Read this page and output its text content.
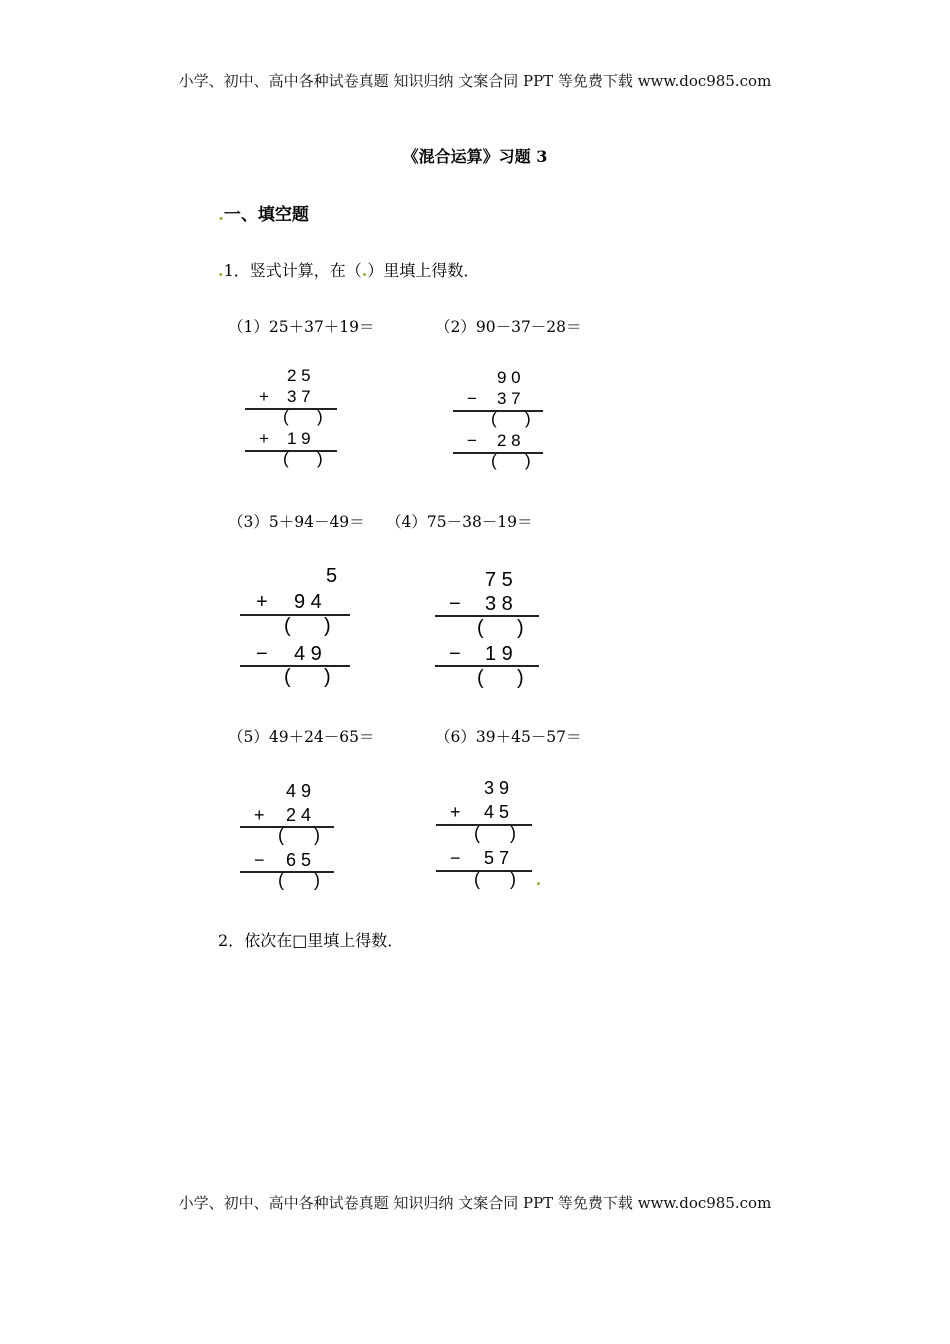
小学、初中、高中各种试卷真题 知识归纳 文案合同 PPT 等免费下载 www.doc985.com
《混合运算》习题 3
.一、填空题
.1．竖式计算，在（.）里填上得数．
（1）25＋37＋19＝	（2）90－37－28＝
2 5
+ 3 7
(      )
+ 1 9
(      )
9 0
− 3 7
(      )
− 2 8
(      )
（3）5＋94－49＝ （4）75－38－19＝
5
+ 9 4
(      )
− 4 9
(      )
7 5
− 3 8
(      )
− 1 9
(      )
（5）49＋24－65＝	（6）39＋45－57＝
4 9
+ 2 4
(      )
− 6 5
(      )
3 9
+ 4 5
(      )
− 5 7
(      ) .
2．依次在□里填上得数．
小学、初中、高中各种试卷真题 知识归纳 文案合同 PPT 等免费下载 www.doc985.com
